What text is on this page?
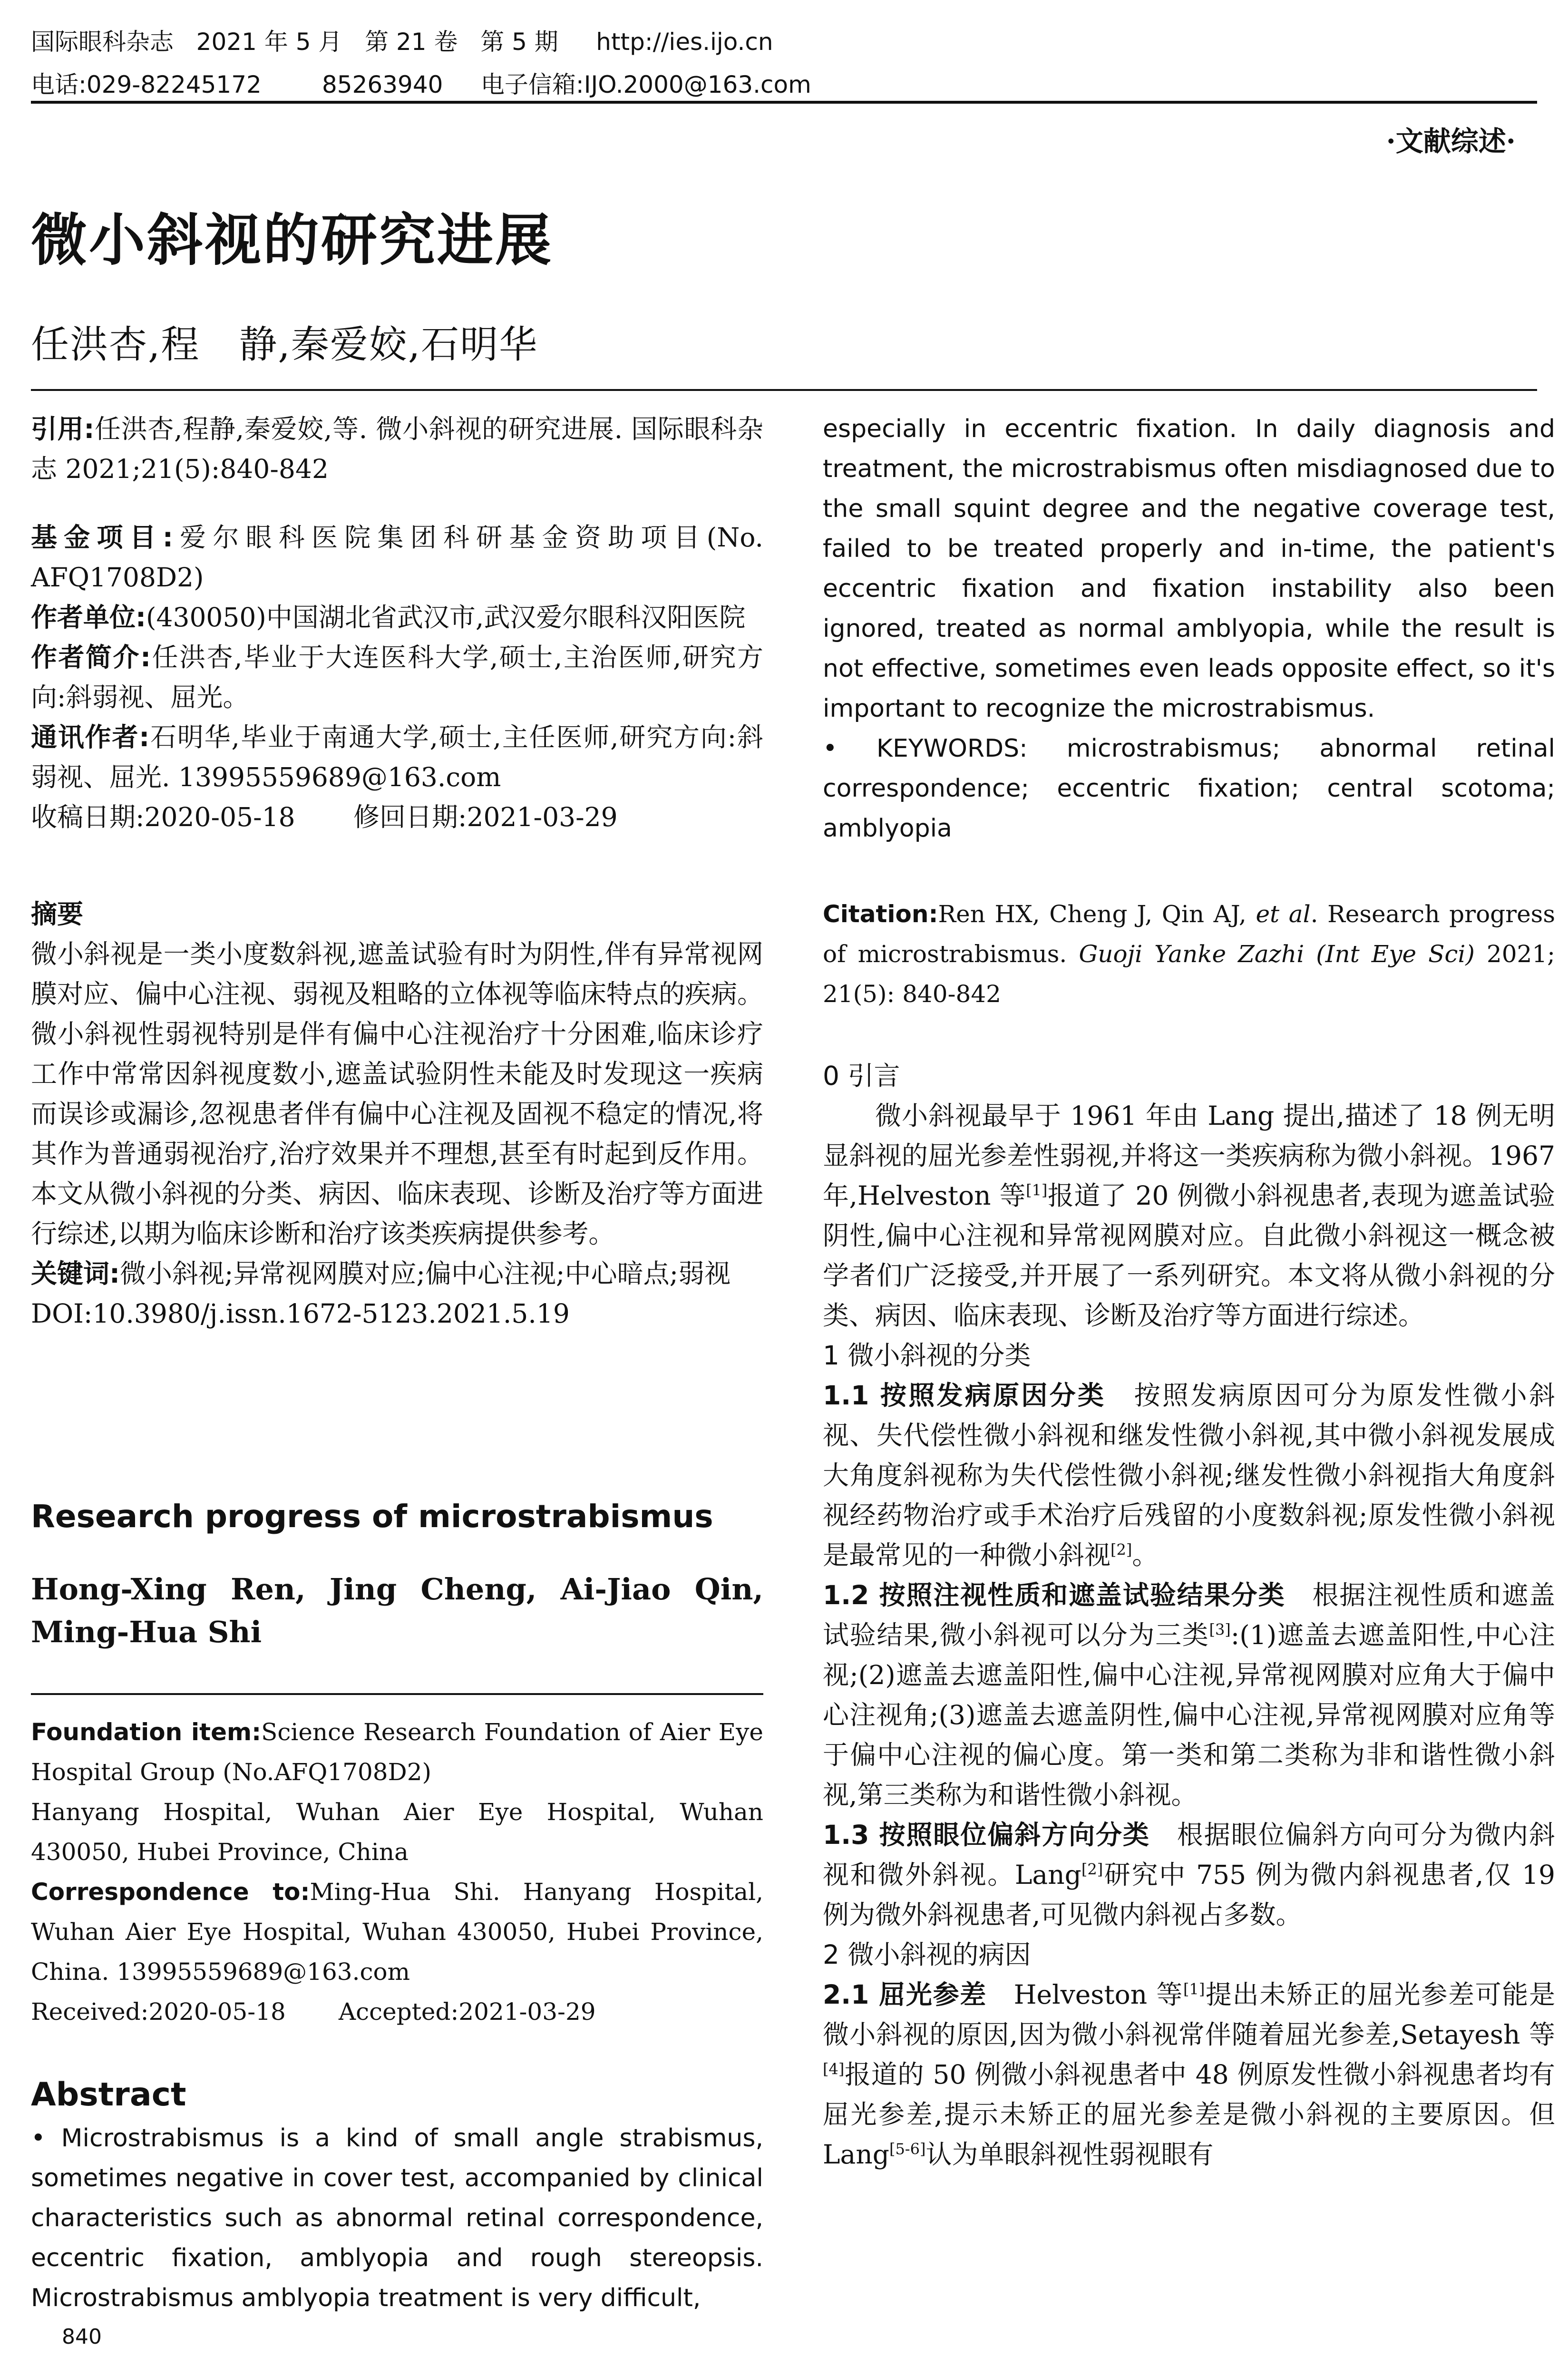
国际眼科杂志   2021 年 5 月   第 21 卷   第 5 期     http://ies.ijo.cn
电话:029-82245172        85263940     电子信箱:IJO.2000@163.com
·文献综述·
微小斜视的研究进展
任洪杏,程　静,秦爱姣,石明华

引用:任洪杏,程静,秦爱姣,等. 微小斜视的研究进展. 国际眼科杂志 2021;21(5):840-842

基金项目:爱尔眼科医院集团科研基金资助项目(No. AFQ1708D2)

作者单位:(430050)中国湖北省武汉市,武汉爱尔眼科汉阳医院

作者简介:任洪杏,毕业于大连医科大学,硕士,主治医师,研究方向:斜弱视、屈光。

通讯作者:石明华,毕业于南通大学,硕士,主任医师,研究方向:斜弱视、屈光. 13995559689@163.com

收稿日期:2020-05-18       修回日期:2021-03-29

摘要

微小斜视是一类小度数斜视,遮盖试验有时为阴性,伴有异常视网膜对应、偏中心注视、弱视及粗略的立体视等临床特点的疾病。微小斜视性弱视特别是伴有偏中心注视治疗十分困难,临床诊疗工作中常常因斜视度数小,遮盖试验阴性未能及时发现这一疾病而误诊或漏诊,忽视患者伴有偏中心注视及固视不稳定的情况,将其作为普通弱视治疗,治疗效果并不理想,甚至有时起到反作用。本文从微小斜视的分类、病因、临床表现、诊断及治疗等方面进行综述,以期为临床诊断和治疗该类疾病提供参考。

关键词:微小斜视;异常视网膜对应;偏中心注视;中心暗点;弱视

DOI:10.3980/j.issn.1672-5123.2021.5.19

Research progress of microstrabismus

Hong-Xing Ren, Jing Cheng, Ai-Jiao Qin, Ming-Hua Shi

Foundation item:Science Research Foundation of Aier Eye Hospital Group (No.AFQ1708D2)

Hanyang Hospital, Wuhan Aier Eye Hospital, Wuhan 430050, Hubei Province, China

Correspondence to:Ming-Hua Shi. Hanyang Hospital, Wuhan Aier Eye Hospital, Wuhan 430050, Hubei Province, China. 13995559689@163.com

Received:2020-05-18       Accepted:2021-03-29

Abstract

• Microstrabismus is a kind of small angle strabismus, sometimes negative in cover test, accompanied by clinical characteristics such as abnormal retinal correspondence, eccentric fixation, amblyopia and rough stereopsis. Microstrabismus amblyopia treatment is very difficult,

840

especially in eccentric fixation. In daily diagnosis and treatment, the microstrabismus often misdiagnosed due to the small squint degree and the negative coverage test, failed to be treated properly and in-time, the patient's eccentric fixation and fixation instability also been ignored, treated as normal amblyopia, while the result is not effective, sometimes even leads opposite effect, so it's important to recognize the microstrabismus.

• KEYWORDS: microstrabismus; abnormal retinal correspondence; eccentric fixation; central scotoma; amblyopia

Citation:Ren HX, Cheng J, Qin AJ, et al. Research progress of microstrabismus. Guoji Yanke Zazhi (Int Eye Sci) 2021; 21(5): 840-842

0 引言

微小斜视最早于 1961 年由 Lang 提出,描述了 18 例无明显斜视的屈光参差性弱视,并将这一类疾病称为微小斜视。1967 年,Helveston 等[1]报道了 20 例微小斜视患者,表现为遮盖试验阴性,偏中心注视和异常视网膜对应。自此微小斜视这一概念被学者们广泛接受,并开展了一系列研究。本文将从微小斜视的分类、病因、临床表现、诊断及治疗等方面进行综述。

1 微小斜视的分类

1.1 按照发病原因分类　按照发病原因可分为原发性微小斜视、失代偿性微小斜视和继发性微小斜视,其中微小斜视发展成大角度斜视称为失代偿性微小斜视;继发性微小斜视指大角度斜视经药物治疗或手术治疗后残留的小度数斜视;原发性微小斜视是最常见的一种微小斜视[2]。

1.2 按照注视性质和遮盖试验结果分类　根据注视性质和遮盖试验结果,微小斜视可以分为三类[3]:(1)遮盖去遮盖阳性,中心注视;(2)遮盖去遮盖阳性,偏中心注视,异常视网膜对应角大于偏中心注视角;(3)遮盖去遮盖阴性,偏中心注视,异常视网膜对应角等于偏中心注视的偏心度。第一类和第二类称为非和谐性微小斜视,第三类称为和谐性微小斜视。

1.3 按照眼位偏斜方向分类　根据眼位偏斜方向可分为微内斜视和微外斜视。Lang[2]研究中 755 例为微内斜视患者,仅 19 例为微外斜视患者,可见微内斜视占多数。

2 微小斜视的病因

2.1 屈光参差　Helveston 等[1]提出未矫正的屈光参差可能是微小斜视的原因,因为微小斜视常伴随着屈光参差,Setayesh 等[4]报道的 50 例微小斜视患者中 48 例原发性微小斜视患者均有屈光参差,提示未矫正的屈光参差是微小斜视的主要原因。但 Lang[5-6]认为单眼斜视性弱视眼有
